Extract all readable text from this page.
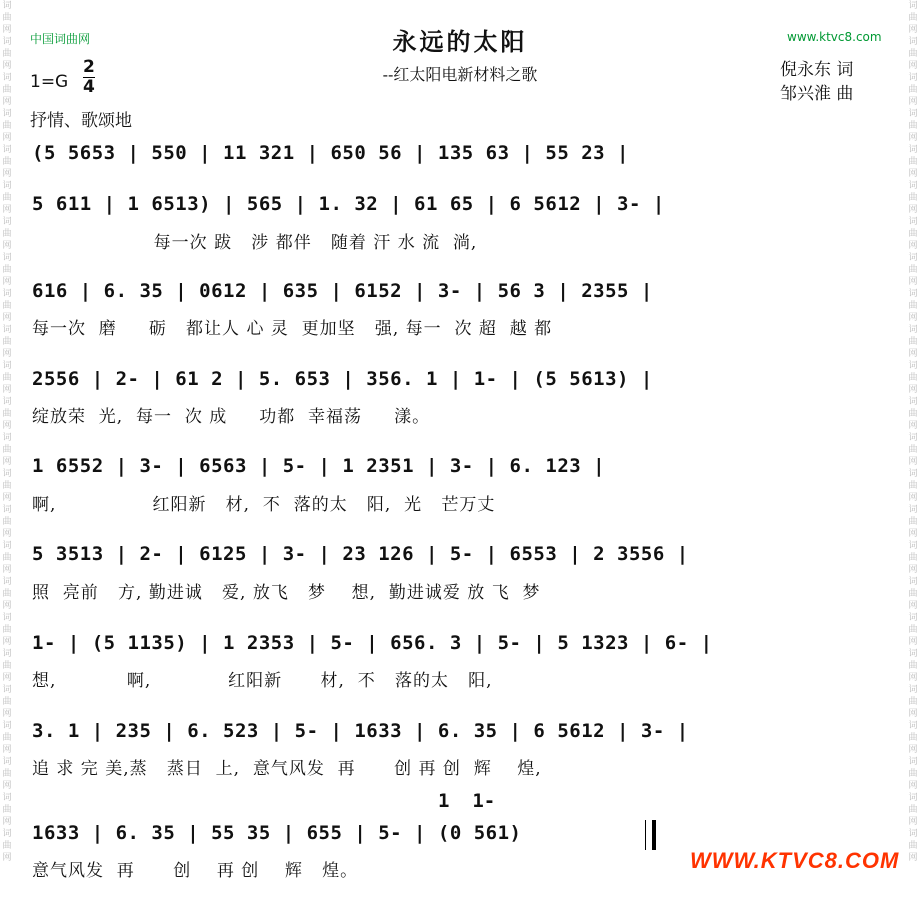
词
曲
网
词
曲
网
词
曲
网
词
曲
网
词
曲
网
词
曲
网
词
曲
网
词
曲
网
词
曲
网
词
曲
网
词
曲
网
词
曲
网
词
曲
网
词
曲
网
词
曲
网
词
曲
网
词
曲
网
词
曲
网
词
曲
网
词
曲
网
词
曲
网
词
曲
网
词
曲
网
词
曲
网
词
曲
网
词
曲
网
词
曲
网
词
曲
网
词
曲
网
词
曲
网
词
曲
网
词
曲
网
词
曲
网
词
曲
网
词
曲
网
词
曲
网
词
曲
网
词
曲
网
词
曲
网
词
曲
网
词
曲
网
词
曲
网
词
曲
网
词
曲
网
词
曲
网
词
曲
网
词
曲
网
词
曲
网
中国词曲网	www.ktvc8.com
永远的太阳
--红太阳电新材料之歌
1=G
2
4
倪永东 词
邹兴淮 曲
抒情、歌颂地
(5 5653 | 550 | 11 321 | 650 56 | 135 63 | 55 23 |
5 611 | 1 6513) | 565 | 1. 32 | 61 65 | 6 5612 | 3- |
每一次 跋   涉 都伴   随着 汗 水 流  淌,
616 | 6. 35 | 0612 | 635 | 6152 | 3- | 56 3 | 2355 |
每一次  磨     砺   都让人 心 灵  更加坚   强, 每一  次 超  越 都
2556 | 2- | 61 2 | 5. 653 | 356. 1 | 1- | (5 5613) |
绽放荣  光,  每一  次 成     功都  幸福荡     漾。
1 6552 | 3- | 6563 | 5- | 1 2351 | 3- | 6. 123 |
啊,               红阳新   材,  不  落的太   阳,  光   芒万丈
5 3513 | 2- | 6125 | 3- | 23 126 | 5- | 6553 | 2 3556 |
照  亮前   方, 勤进诚   爱, 放飞   梦    想,  勤进诚爱 放 飞  梦
1- | (5 1135) | 1 2353 | 5- | 656. 3 | 5- | 5 1323 | 6- |
想,           啊,            红阳新      材,  不   落的太   阳,
3. 1 | 235 | 6. 523 | 5- | 1633 | 6. 35 | 6 5612 | 3- |
追 求 完 美,蒸   蒸日  上,  意气风发  再      创 再 创  辉    煌,
1  1-
1633 | 6. 35 | 55 35 | 655 | 5- | (0 561)
意气风发  再      创    再 创    辉   煌。	WWW.KTVC8.COM
